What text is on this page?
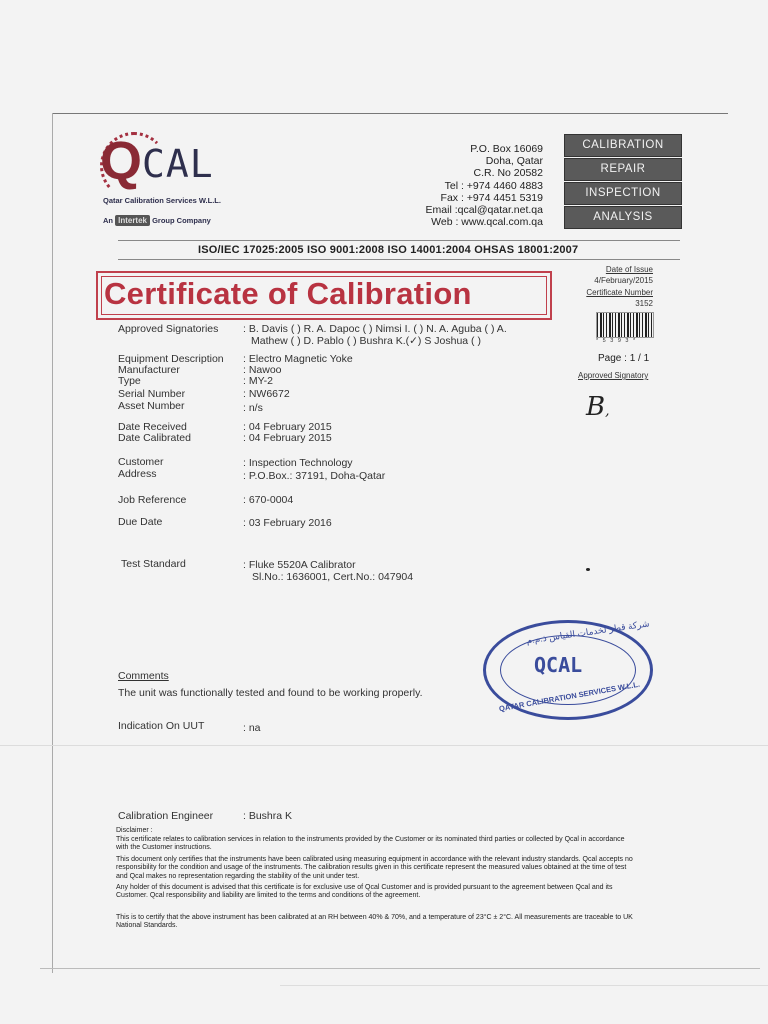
Q CAL
Qatar Calibration Services W.L.L.
An Intertek Group Company
P.O. Box 16069
Doha, Qatar
C.R. No 20582
Tel : +974 4460 4883
Fax : +974 4451 5319
Email :qcal@qatar.net.qa
Web : www.qcal.com.qa
CALIBRATION
REPAIR
INSPECTION
ANALYSIS
ISO/IEC 17025:2005 ISO 9001:2008 ISO 14001:2004 OHSAS 18001:2007
Certificate of Calibration
Date of Issue
4/February/2015
Certificate Number
3152
* 5 3 9 3 *
Page : 1 / 1
Approved Signatory
B,
Approved Signatories : B. Davis ( ) R. A. Dapoc ( ) Nimsi I. ( ) N. A. Aguba ( ) A.
Mathew ( ) D. Pablo ( ) Bushra K.(✓) S Joshua ( )
Equipment Description : Electro Magnetic Yoke
Manufacturer	: Nawoo
Type	: MY-2
Serial Number	: NW6672
Asset Number	: n/s
Date Received	: 04 February 2015
Date Calibrated	: 04 February 2015
Customer	: Inspection Technology
Address	: P.O.Box.: 37191, Doha-Qatar
Job Reference	: 670-0004
Due Date	: 03 February 2016
Test Standard	: Fluke 5520A Calibrator
Sl.No.: 1636001, Cert.No.: 047904
Comments
The unit was functionally tested and found to be working properly.
Indication On UUT	: na
شركة قطر لخدمات القياس ذ.م.م
QCAL
QATAR CALIBRATION SERVICES W.L.L.
Calibration Engineer	: Bushra K
Disclaimer :
This certificate relates to calibration services in relation to the instruments provided by the Customer or its nominated third parties or collected by Qcal in accordance with the Customer instructions.
This document only certifies that the instruments have been calibrated using measuring equipment in accordance with the relevant industry standards. Qcal accepts no responsibility for the condition and usage of the instruments. The calibration results given in this certificate represent the measured values obtained at the time of test and Qcal makes no representation regarding the stability of the unit under test.
Any holder of this document is advised that this certificate is for exclusive use of Qcal Customer and is provided pursuant to the agreement between Qcal and its Customer. Qcal responsibility and liability are limited to the terms and conditions of the agreement.
This is to certify that the above instrument has been calibrated at an RH between 40% & 70%, and a temperature of 23°C ± 2°C. All measurements are traceable to UK National Standards.
